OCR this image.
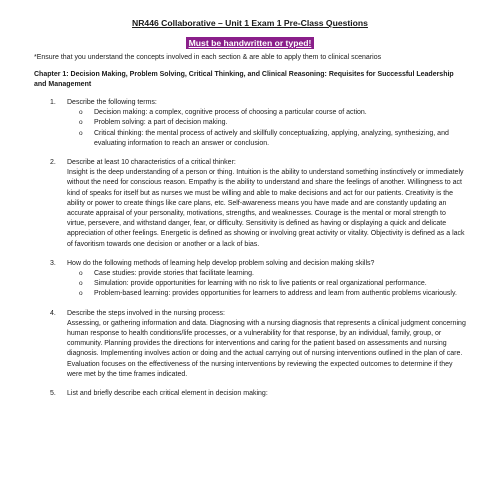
NR446 Collaborative – Unit 1 Exam 1 Pre-Class Questions
Must be handwritten or typed!
*Ensure that you understand the concepts involved in each section & are able to apply them to clinical scenarios
Chapter 1: Decision Making, Problem Solving, Critical Thinking, and Clinical Reasoning: Requisites for Successful Leadership and Management
1.	Describe the following terms:

o	Decision making: a complex, cognitive process of choosing a particular course of action.
o	Problem solving: a part of decision making.
o	Critical thinking: the mental process of actively and skillfully conceptualizing, applying, analyzing, synthesizing, and evaluating information to reach an answer or conclusion.
2.	Describe at least 10 characteristics of a critical thinker:

Insight is the deep understanding of a person or thing. Intuition is the ability to understand something instinctively or immediately without the need for conscious reason. Empathy is the ability to understand and share the feelings of another. Willingness to act kind of speaks for itself but as nurses we must be willing and able to make decisions and act for our patients. Creativity is the ability or power to create things like care plans, etc. Self-awareness means you have made and are constantly updating an accurate appraisal of your personality, motivations, strengths, and weaknesses. Courage is the mental or moral strength to virtue, persevere, and withstand danger, fear, or difficulty. Sensitivity is defined as having or displaying a quick and delicate appreciation of other feelings. Energetic is defined as showing or involving great activity or vitality. Objectivity is defined as a lack of favoritism towards one decision or another or a lack of bias.

3.	How do the following methods of learning help develop problem solving and decision making skills?

o	Case studies: provide stories that facilitate learning.
o	Simulation: provide opportunities for learning with no risk to live patients or real organizational performance.
o	Problem-based learning: provides opportunities for learners to address and learn from authentic problems vicariously.
4.	Describe the steps involved in the nursing process:

Assessing, or gathering information and data. Diagnosing with a nursing diagnosis that represents a clinical judgment concerning human response to health conditions/life processes, or a vulnerability for that response, by an individual, family, group, or community. Planning provides the directions for interventions and caring for the patient based on assessments and nursing diagnosis. Implementing involves action or doing and the actual carrying out of nursing interventions outlined in the plan of care. Evaluation focuses on the effectiveness of the nursing interventions by reviewing the expected outcomes to determine if they were met by the time frames indicated.

5.	List and briefly describe each critical element in decision making:
